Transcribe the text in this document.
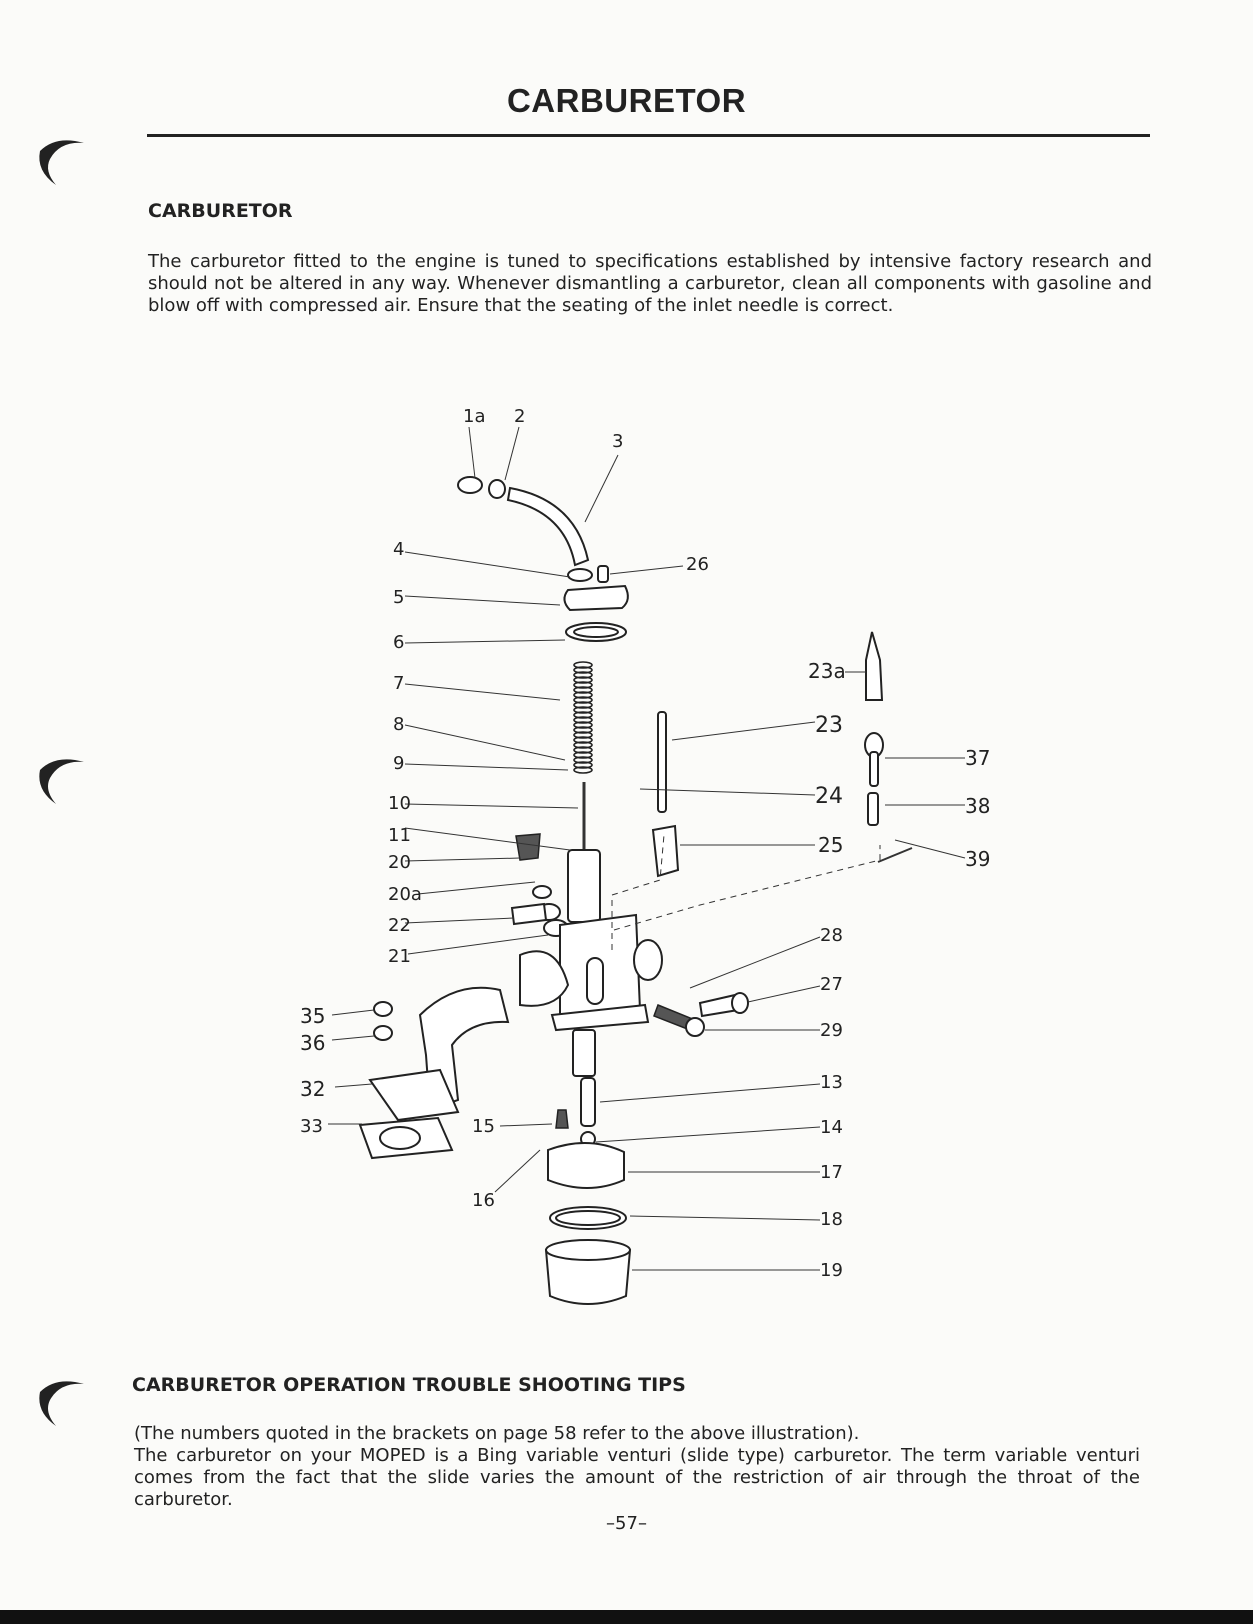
CARBURETOR
CARBURETOR

The carburetor fitted to the engine is tuned to specifications established by intensive factory research and should not be altered in any way. Whenever dismantling a carburetor, clean all components with gasoline and blow off with compressed air. Ensure that the seating of the inlet needle is correct.

1a 2
3
4
26
5
6
7
8
9
10
11
20
20a
22
21
23a
23
37
24	38
25
39
28
27
29
35
36
32
33
13
15	14
17
16
18
19
CARBURETOR OPERATION TROUBLE SHOOTING TIPS

(The numbers quoted in the brackets on page 58 refer to the above illustration).

The carburetor on your MOPED is a Bing variable venturi (slide type) carburetor. The term variable venturi comes from the fact that the slide varies the amount of the restriction of air through the throat of the carburetor.

–57–
